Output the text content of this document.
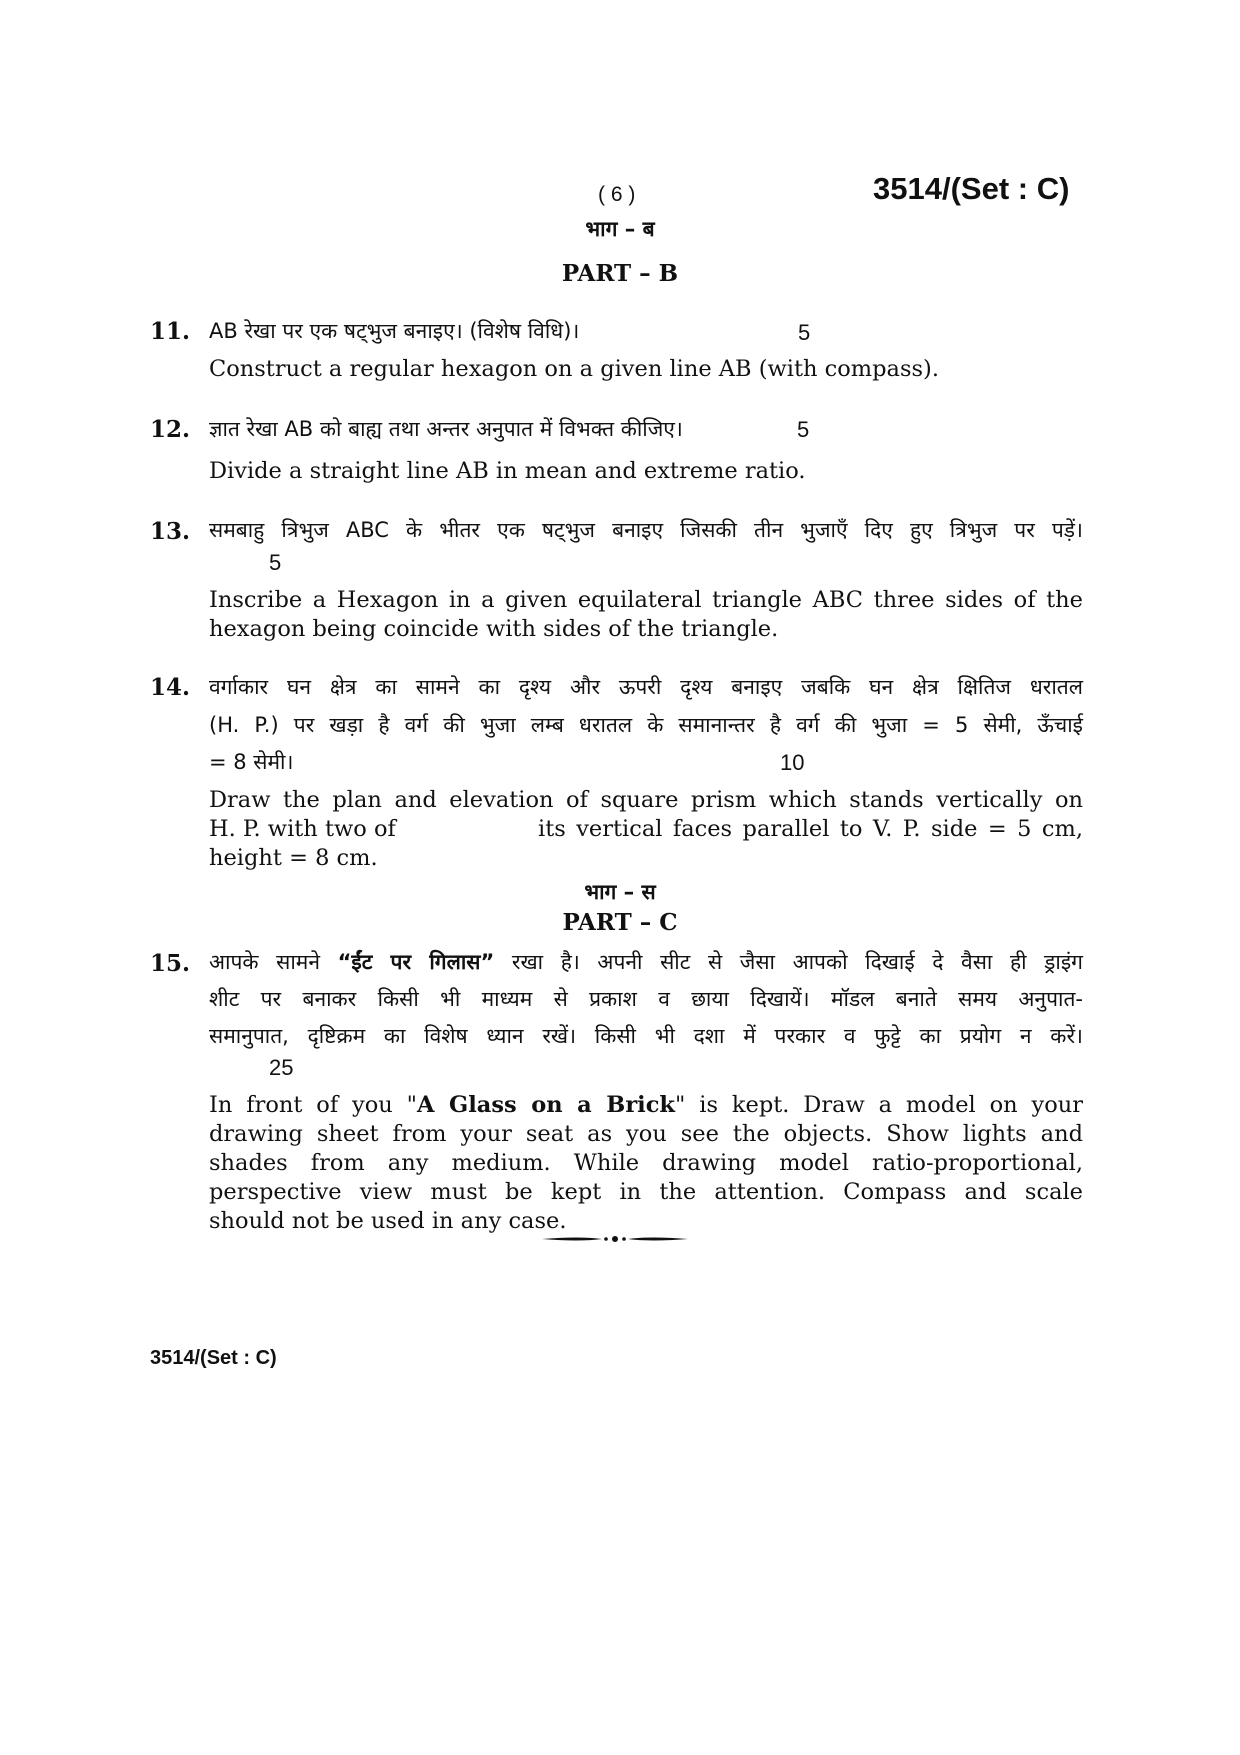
( 6 )	3514/(Set : C)
भाग – ब
PART – B
11. AB रेखा पर एक षट्भुज बनाइए। (विशेष विधि)।	5
Construct a regular hexagon on a given line AB (with compass).
12. ज्ञात रेखा AB को बाह्य तथा अन्तर अनुपात में विभक्त कीजिए।	5
Divide a straight line AB in mean and extreme ratio.
13. समबाहु त्रिभुज ABC के भीतर एक षट्भुज बनाइए जिसकी तीन भुजाएँ दिए हुए त्रिभुज पर पड़ें।
5
Inscribe a Hexagon in a given equilateral triangle ABC three sides of the
hexagon being coincide with sides of the triangle.
14. वर्गाकार घन क्षेत्र का सामने का दृश्य और ऊपरी दृश्य बनाइए जबकि घन क्षेत्र क्षितिज धरातल
(H. P.) पर खड़ा है वर्ग की भुजा लम्ब धरातल के समानान्तर है वर्ग की भुजा = 5 सेमी, ऊँचाई
= 8 सेमी।	10
Draw the plan and elevation of square prism which stands vertically on
H. P. with two of	its vertical faces parallel to V. P. side = 5 cm,
height = 8 cm.
भाग – स
PART – C
15. आपके सामने “ईंट पर गिलास” रखा है। अपनी सीट से जैसा आपको दिखाई दे वैसा ही ड्राइंग
शीट पर बनाकर किसी भी माध्यम से प्रकाश व छाया दिखायें। मॉडल बनाते समय अनुपात-
समानुपात, दृष्टिक्रम का विशेष ध्यान रखें। किसी भी दशा में परकार व फुट्टे का प्रयोग न करें।
25
In front of you "A Glass on a Brick" is kept. Draw a model on your
drawing sheet from your seat as you see the objects. Show lights and
shades from any medium. While drawing model ratio-proportional,
perspective view must be kept in the attention. Compass and scale
should not be used in any case.
3514/(Set : C)
